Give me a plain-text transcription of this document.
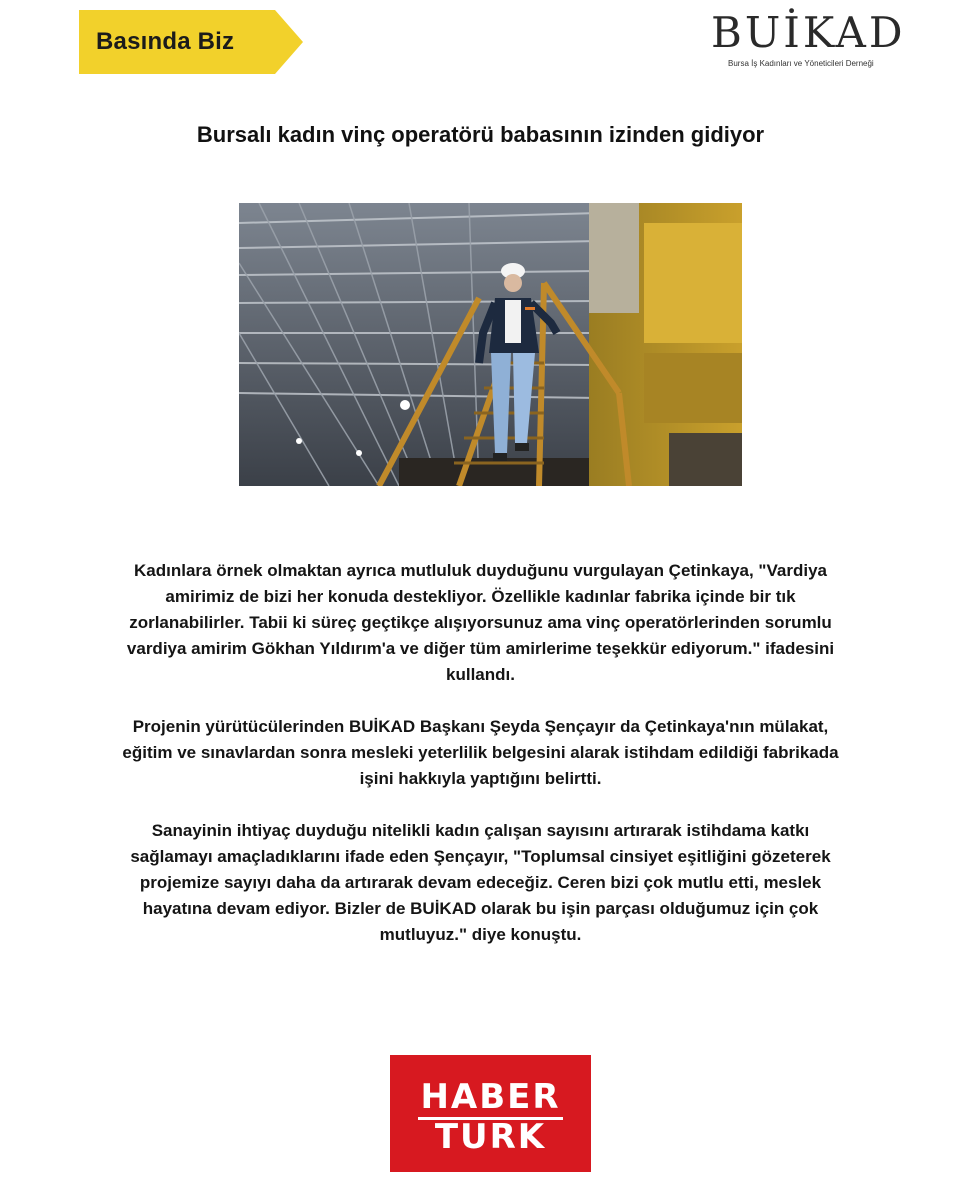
Basında Biz	BUİKAD
Bursa İş Kadınları ve Yöneticileri Derneği
Bursalı kadın vinç operatörü babasının izinden gidiyor

Kadınlara örnek olmaktan ayrıca mutluluk duyduğunu vurgulayan Çetinkaya, "Vardiya amirimiz de bizi her konuda destekliyor. Özellikle kadınlar fabrika içinde bir tık zorlanabilirler. Tabii ki süreç geçtikçe alışıyorsunuz ama vinç operatörlerinden sorumlu vardiya amirim Gökhan Yıldırım'a ve diğer tüm amirlerime teşekkür ediyorum." ifadesini kullandı.

Projenin yürütücülerinden BUİKAD Başkanı Şeyda Şençayır da Çetinkaya'nın mülakat, eğitim ve sınavlardan sonra mesleki yeterlilik belgesini alarak istihdam edildiği fabrikada işini hakkıyla yaptığını belirtti.

Sanayinin ihtiyaç duyduğu nitelikli kadın çalışan sayısını artırarak istihdama katkı sağlamayı amaçladıklarını ifade eden Şençayır, "Toplumsal cinsiyet eşitliğini gözeterek projemize sayıyı daha da artırarak devam edeceğiz. Ceren bizi çok mutlu etti, meslek hayatına devam ediyor. Bizler de BUİKAD olarak bu işin parçası olduğumuz için çok mutluyuz." diye konuştu.

HABER
TURK
